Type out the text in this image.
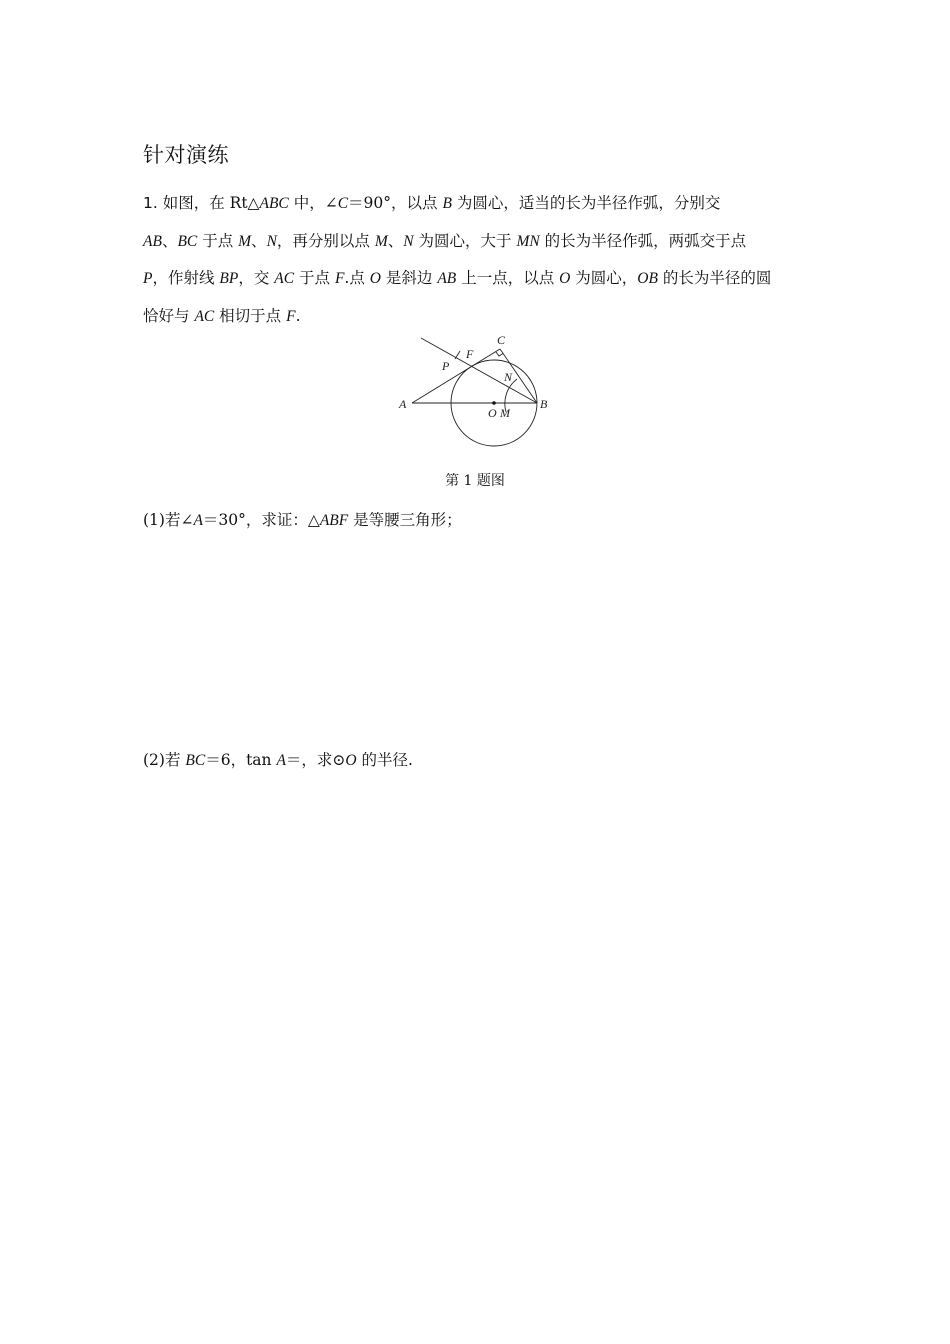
针对演练

1. 如图，在 Rt△ABC 中，∠C＝90°，以点 B 为圆心，适当的长为半径作弧，分别交

AB、BC 于点 M、N，再分别以点 M、N 为圆心，大于 MN 的长为半径作弧，两弧交于点

P，作射线 BP，交 AC 于点 F.点 O 是斜边 AB 上一点，以点 O 为圆心，OB 的长为半径的圆

恰好与 AC 相切于点 F.

A	B
C
O M
N
P
F
第 1 题图
(1)若∠A＝30°，求证：△ABF 是等腰三角形；
(2)若 BC＝6，tan A＝，求⊙O 的半径.
